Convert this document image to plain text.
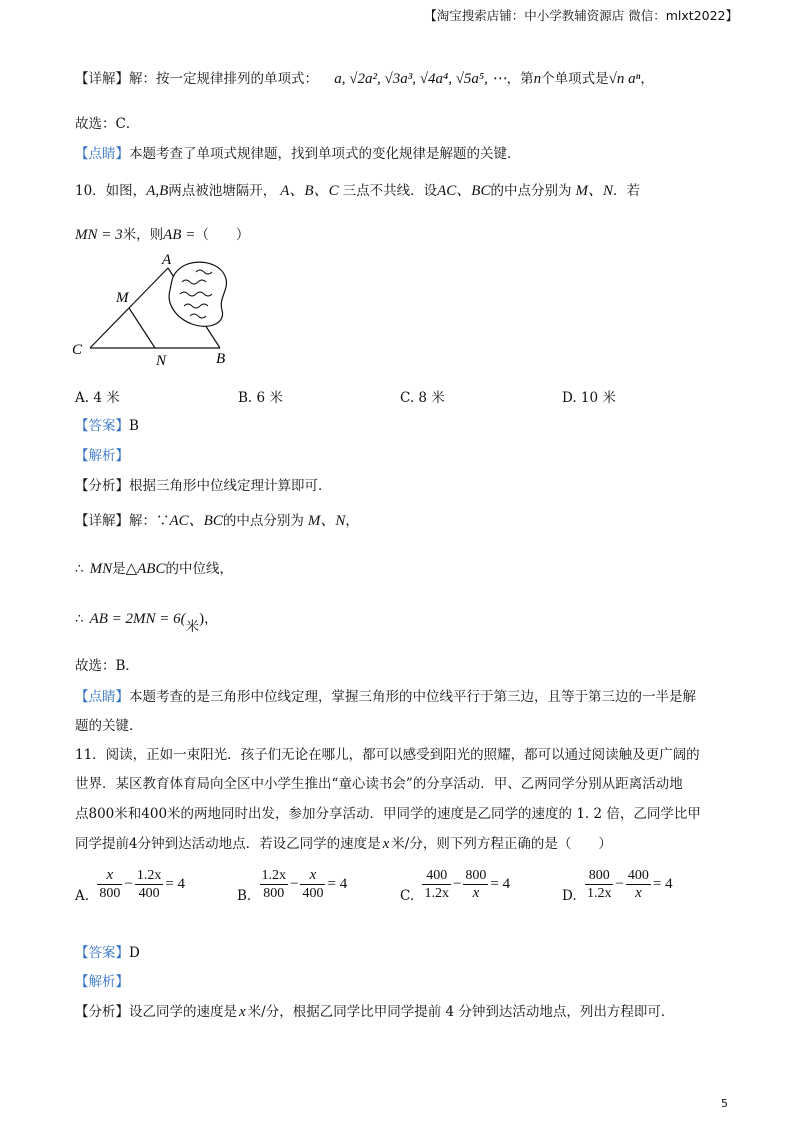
【淘宝搜索店铺：中小学教辅资源店 微信：mlxt2022】
【详解】解：按一定规律排列的单项式： a, √2a², √3a³, √4a⁴, √5a⁵, ⋯，第n个单项式是√n aⁿ，
故选：C．
【点睛】本题考查了单项式规律题，找到单项式的变化规律是解题的关键．
10．如图，A,B两点被池塘隔开， A、B、C 三点不共线．设AC、BC的中点分别为 M、N．若
MN = 3米，则AB =（　　）
A
M
C
N	B
A. 4 米	B. 6 米	C. 8 米	D. 10 米
【答案】B
【解析】
【分析】根据三角形中位线定理计算即可．
【详解】解：∵AC、BC的中点分别为 M、N，
∴ MN是△ABC的中位线，
∴ AB = 2MN = 6(米)，
故选：B．
【点睛】本题考查的是三角形中位线定理，掌握三角形的中位线平行于第三边，且等于第三边的一半是解
题的关键．
11．阅读，正如一束阳光．孩子们无论在哪儿，都可以感受到阳光的照耀，都可以通过阅读触及更广阔的
世界．某区教育体育局向全区中小学生推出“童心读书会”的分享活动．甲、乙两同学分别从距离活动地
点800米和400米的两地同时出发，参加分享活动．甲同学的速度是乙同学的速度的 1. 2 倍，乙同学比甲
同学提前4分钟到达活动地点．若设乙同学的速度是 x 米/分，则下列方程正确的是（　　）
A. $\frac{x}{800} - \frac{1.2x}{400} = 4$
B. $\frac{1.2x}{800} - \frac{x}{400} = 4$
C. $\frac{400}{1.2x} - \frac{800}{x} = 4$
D. $\frac{800}{1.2x} - \frac{400}{x} = 4$
【答案】D
【解析】
【分析】设乙同学的速度是 x 米/分，根据乙同学比甲同学提前 4 分钟到达活动地点，列出方程即可．
5
